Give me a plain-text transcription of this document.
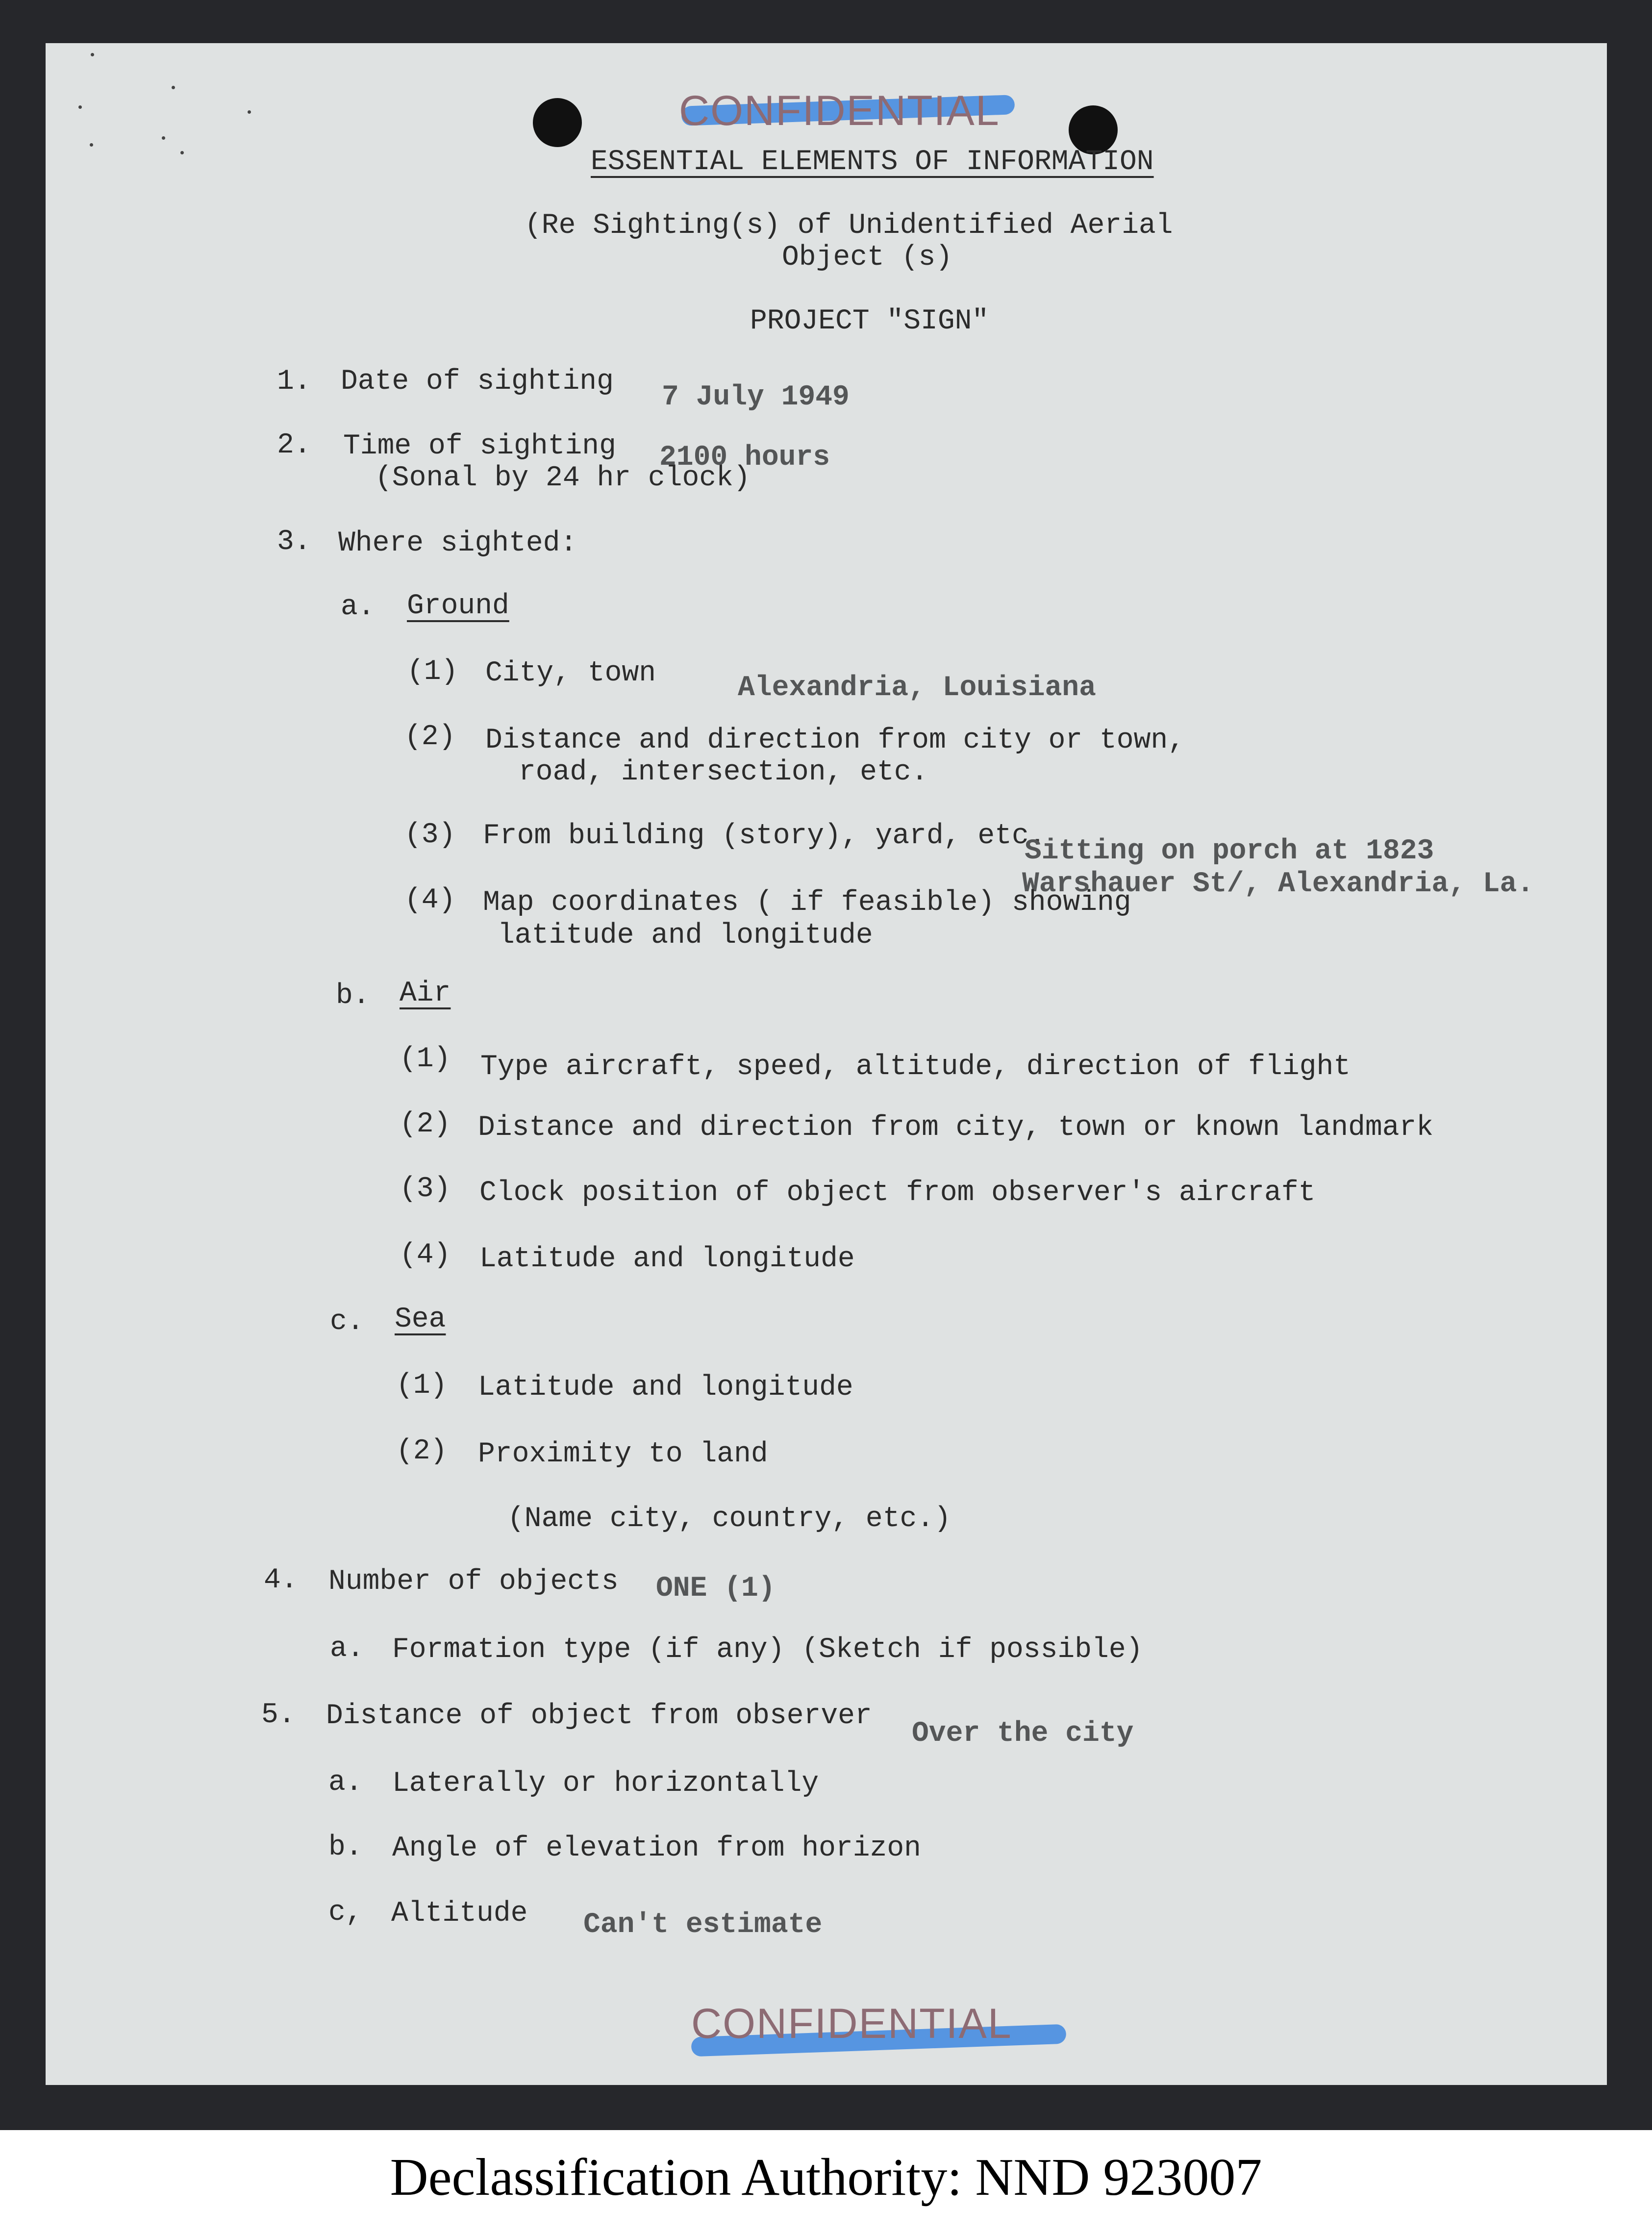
CONFIDENTIAL
ESSENTIAL ELEMENTS OF INFORMATION
(Re Sighting(s) of Unidentified Aerial
Object (s)
PROJECT "SIGN"
1. Date of sighting 7 July 1949
2. Time of sighting
(Sonal by 24 hr clock)
2100 hours
3. Where sighted:
a. Ground
(1) City, town	Alexandria, Louisiana
(2) Distance and direction from city or town,
road, intersection, etc.
(3) From building (story), yard, etc.
Sitting on porch at 1823
Warshauer St/, Alexandria, La.
(4) Map coordinates ( if feasible) showing
latitude and longitude
b. Air
(1) Type aircraft, speed, altitude, direction of flight
(2) Distance and direction from city, town or known landmark
(3) Clock position of object from observer's aircraft
(4) Latitude and longitude
c. Sea
(1) Latitude and longitude
(2) Proximity to land
(Name city, country, etc.)
4. Number of objects ONE (1)
a. Formation type (if any) (Sketch if possible)
5. Distance of object from observer
Over the city
a. Laterally or horizontally
b. Angle of elevation from horizon
c, Altitude Can't estimate
CONFIDENTIAL
Declassification Authority: NND 923007
